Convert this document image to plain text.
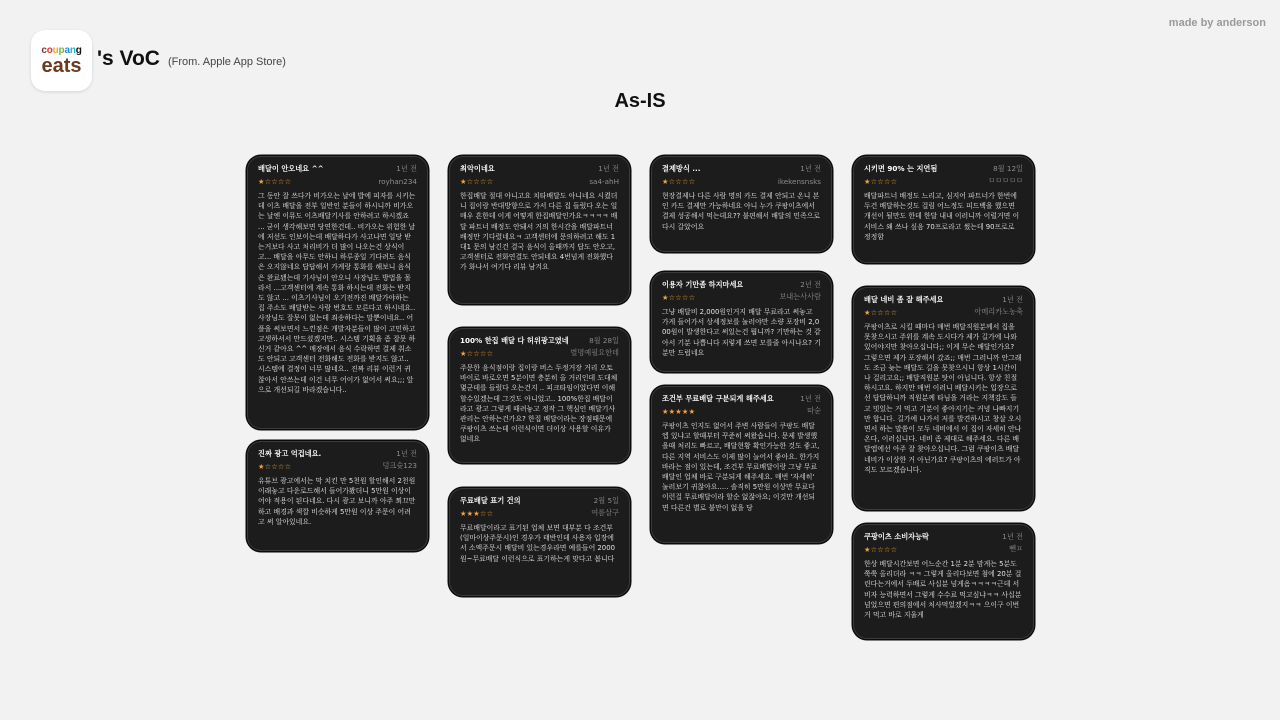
made by anderson
coupang
eats 's VoC (From. Apple App Store)
As-IS
배달이 안오네요 ^^	1년 전
★☆☆☆☆	royhan234
그 동안 잘 쓰다가 비가오는 날에 밥에 피자를 시키는데 이츠 배달을 전부 일반인 분들이 하시니까 비가오는 날엔 이뮤도 이츠배달기사를 안하려고 하시겠죠 ... 굳이 생각해보면 당연한건데.. 비가오는 위험한 날에 저선도 인보이는데 배달하다가 사고나면 일당 받는거보다 사고 처리비가 더 많이 나오는건 상식이고... 배달을 아무도 안하니 하루종일 기다려도 음식은 오지않네요 답답해서 가게랑 통화를 해보니 음식은 완료됐는데 기사님이 안오니 사장님도 방법을 몰라서 ...고객센터에 계속 통화 하시는데 전화는 받지도 않고 ... 이츠기사님이 오기전까진 배달가야하는 집 주소도 배달받는 사람 번호도 모른다고 하시네요.. 사장님도 잘못이 없는데 죄송하다는 말뿐이네요.. 어플을 써보면서 느낀점은 개발자분들이 많이 고민하고 고생하셔서 만드셨겠지만.. 시스템 기획을 좀 잘못 하신거 같아요 ^^ 매장에서 음식 수락하면 결제 취소도 안되고 고객센터 전화해도 전화를 받지도 않고.. 시스템에 결정이 너무 많네요.. 진짜 리뷰 이런거 귀찮아서 안쓰는데 이건 너무 어이가 없어서 써요;;; 앞으로 개선되길 바라겠습니다..
진짜 광고 억겁네요.	1년 전
★☆☆☆☆	덩크슛123
유튜브 광고에서는 막 치킨 만 5천원 할인해서 2천원이래놓고 다운로드해서 들어가봤더니 5만원 이상이어야 적용이 된다네요. 다시 광고 보니까 아주 쬐끄만하고 배경과 색깔 비슷하게 5만원 이상 주문이 어려고 써 알아있네요.
최악이네요	1년 전
★☆☆☆☆	sa4-ahH
한집배달 절대 아니고요 치타배달도 아니네요 시켰더니 집이랑 반대방향으로 가서 다른 집 들렀다 오는 일 매우 흔한데 이게 어떻게 한집배달인가요ㅋㅋㅋㅋ 배달 파트너 배정도 안돼서 거의 한시간을 배달파트너 배정만 기다렸네요ㅋ 고객센터에 문의하려고 해도 1대1 문의 남긴건 결국 음식이 올때까지 답도 안오고, 고객센터로 전화연결도 안되네요 4번넘게 전화했다가 화나서 여기다 리뷰 남겨요
100% 한집 배달 다 허위광고였네	8월 28일
★☆☆☆☆	별명예필요한데
주문한 음식점이랑 집이랑 버스 두정거장 거리 오토바이로 바로오면 5분이면 충분히 올 거리인데 도대체 몇군데를 들렀다 오는건지 .. 피크타임이었다면 이해할수있겠는데 그것도 아니었고.. 100%한집 배달이라고 광고 그렇게 때려놓고 정작 그 핵심인 배달기사 관리는 안하는건가요? 한집 배달이라는 장점때문에 쿠팡이츠 쓰는데 이런식이면 더이상 사용할 이유가 없네요
무료배달 표기 건의	2월 5일
★★★☆☆	여름살구
무료배달이라고 표기된 업체 보면 대부분 다 조건부 (일마이상주문시)인 경우가 태반인데 사용자 입장에서 소액주문시 배달비 있는경우라면 예를들어 2000원~무료배달 이런식으로 표기하는게 맞다고 봅니다
결제방식 ...	1년 전
★☆☆☆☆	ikekensnsks
현장결제나 다른 사람 명의 카드 결제 안되고 온니 본인 카드 결제만 가능하네요 아니 누가 쿠팡이츠에서 결제 성공해서 먹는데요?? 불편해서 배달의 민족으로 다시 갈았어요
이용자 기만좀 하지마세요	2년 전
★☆☆☆☆	보내는사사람
그냥 배달비 2,000원인거지 배달 무료라고 써놓고 가게 들어가서 상세정보를 눌러야만 소량 포장비 2,000원이 발생한다고 써있는건 뭡니까? 기만하는 것 같아서 기분 나쁩니다 저렇게 쓰면 모를줄 아시나요? 기분만 드럽네요
조건부 무료배달 구분되게 해주세요	1년 전
★★★★★	따숟
쿠팡이츠 인지도 없어서 주변 사람들이 쿠팡도 배달엡 있냐고 할때부터 꾸준히 써왔습니다. 문제 발생했을때 처리도 빠르고, 배달현황 확인가능한 것도 좋고, 다른 지역 서비스도 이제 많이 늘어서 좋아요. 한가지 바라는 점이 있는데, 조건부 무료배달이랑 그냥 무료배달인 업체 바로 구분되게 해주세요. 매번 '자세히' 눌러보기 귀찮아요..... 솔직히 5만원 이상만 무료다 이런걸 무료배달이라 할순 없잖아요; 이것만 개선되면 다른건 별로 불만이 없을 당
시키면 90% 는 지연됨	8월 12일
★☆☆☆☆	ㅁㅁㅁㅁㅁ
배달파트너 배정도 느리고, 심지어 파트너가 한번에 두건 배달하는것도 걸림 어느정도 피드백을 했으면 개선이 될만도 한데 한달 내내 이러니까 이럴거면 이 서비스 왜 쓰나 싶음 70프로라고 썼는데 90프로로 정정함
배달 네비 좀 잘 해주세요	1년 전
★☆☆☆☆	아메리카노농축
쿠팡이츠로 시킬 때마다 매번 배달직원분께서 집을 못찾으시고 주위를 계속 도시다가 제가 길가에 나와 있어야지만 찾아오십니다;; 이게 무슨 배달인가요? 그렇으면 제가 포장해서 갔죠;; 매번 그러니까 안그래도 조금 늦는 배달도 길을 못찾으시니 항상 1시간이나 걸리고요;; 배달직원분 탓이 아닙니다. 항상 친절하시고요. 하지만 매번 이러니 배달시키는 입장으로선 답답하니까 직원분께 타님을 거라는 지책감도 들고 밋있는 거 먹고 기분이 좋아지기는 커녕 나빠지기만 합니다. 길가에 나가서 저를 발견하시고 창살 오시면서 하는 말씀이 모두 네비에서 이 집이 자세히 안나온다, 이러십니다. 네비 좀 제대로 해주세요. 다른 배달엡에선 아주 잘 찾아오십니다. 그럼 쿠팡이츠 배달네비가 이상한 거 아닌가요? 쿠팡이츠의 에러트가 아직도 모르겠습니다.
쿠팡이츠 소비자능락	1년 전
★☆☆☆☆	뺀ㅍ
한상 배달시간보면 어느순간 1분 2분 맘게는 5분도 쭉쭉 올리더라 ㅋㅋ 그렇게 올리다보면 첨에 20분 걸린다는거에서 두배로 사십분 넘게옴ㅋㅋㅋㅋ근데 서비자 능력하면서 그렇게 수수료 먹고싶냐ㅋㅋ 사십분 넘었으면 편의점에서 처사먹었겠지ㅋㅋ 으이구 이번거 먹고 바로 지울게
